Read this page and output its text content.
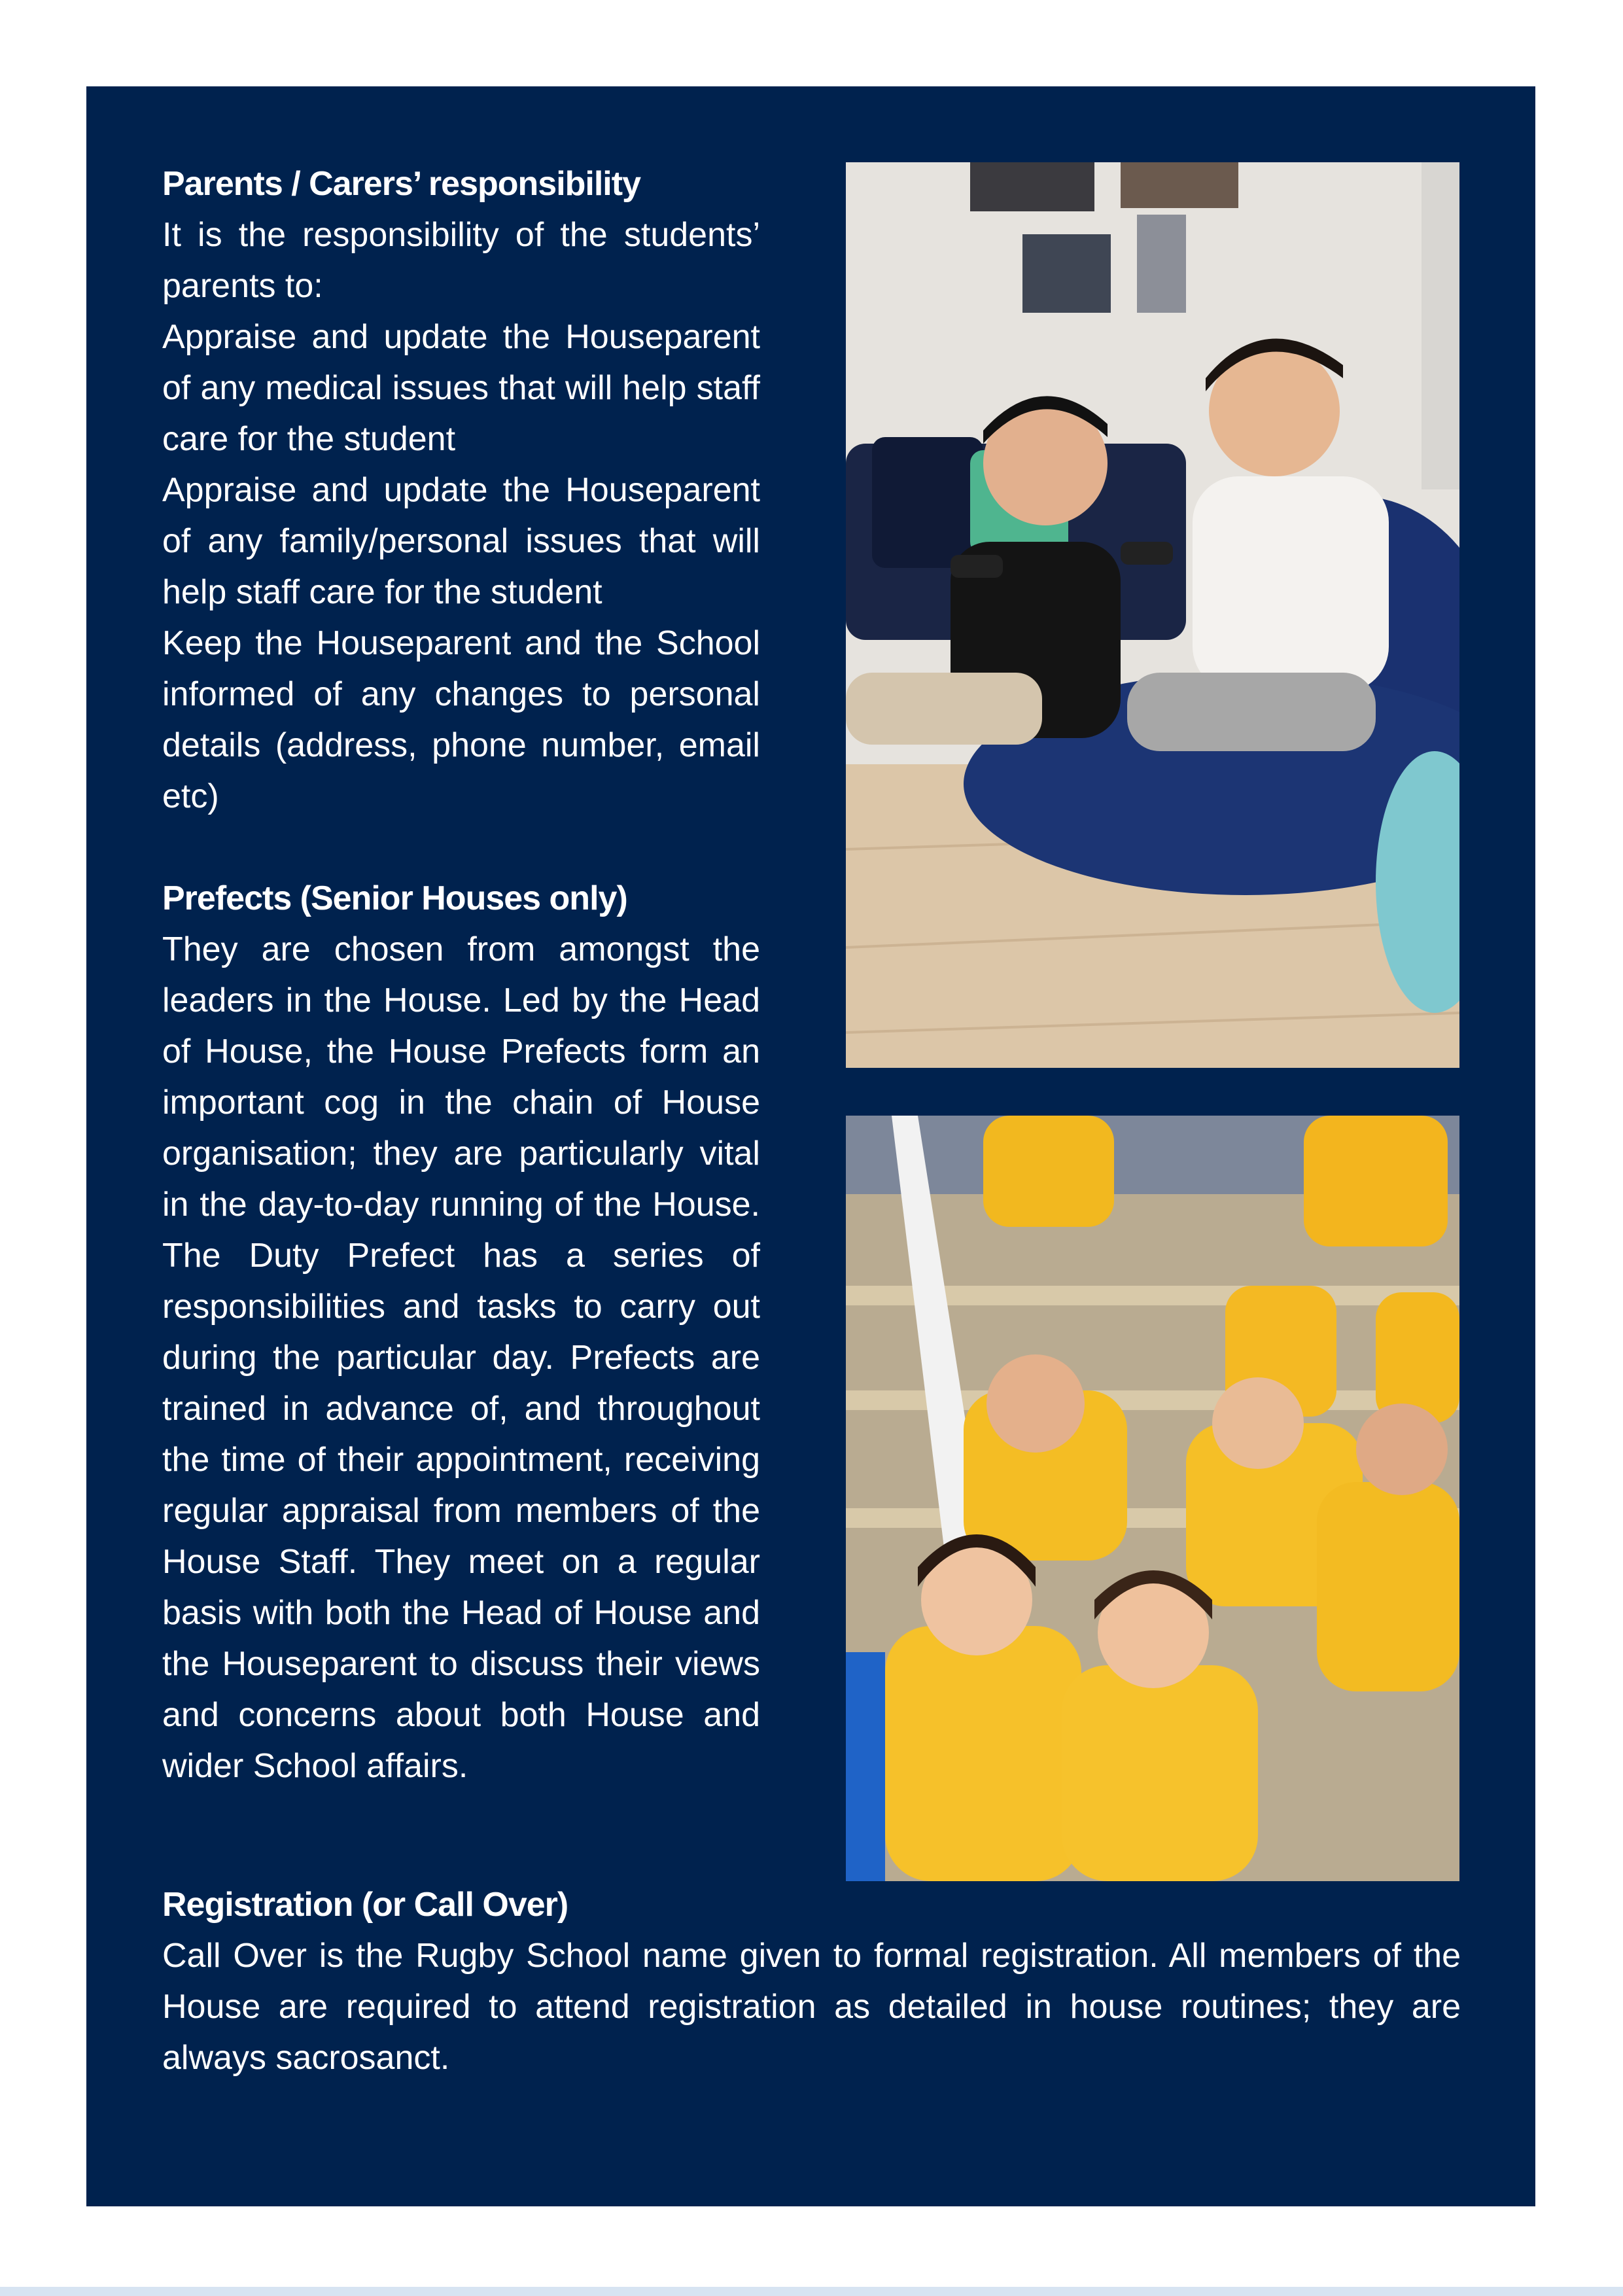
Parents / Carers’ responsibility

It is the responsibility of the students’ parents to:

Appraise and update the Houseparent of any medical issues that will help staff care for the student

Appraise and update the Houseparent of any family/personal issues that will help staff care for the student

Keep the Houseparent and the School informed of any changes to personal details (address, phone number, email etc)

Prefects (Senior Houses only)

They are chosen from amongst the leaders in the House. Led by the Head of House, the House Prefects form an important cog in the chain of House organisation; they are particularly vital in the day-to-day running of the House. The Duty Prefect has a series of responsibilities and tasks to carry out during the particular day. Prefects are trained in advance of, and throughout the time of their appointment, receiving regular appraisal from members of the House Staff. They meet on a regular basis with both the Head of House and the Houseparent to discuss their views and concerns about both House and wider School affairs.

Registration (or Call Over)

Call Over is the Rugby School name given to formal registration. All members of the House are required to attend registration as detailed in house routines; they are always sacrosanct.
